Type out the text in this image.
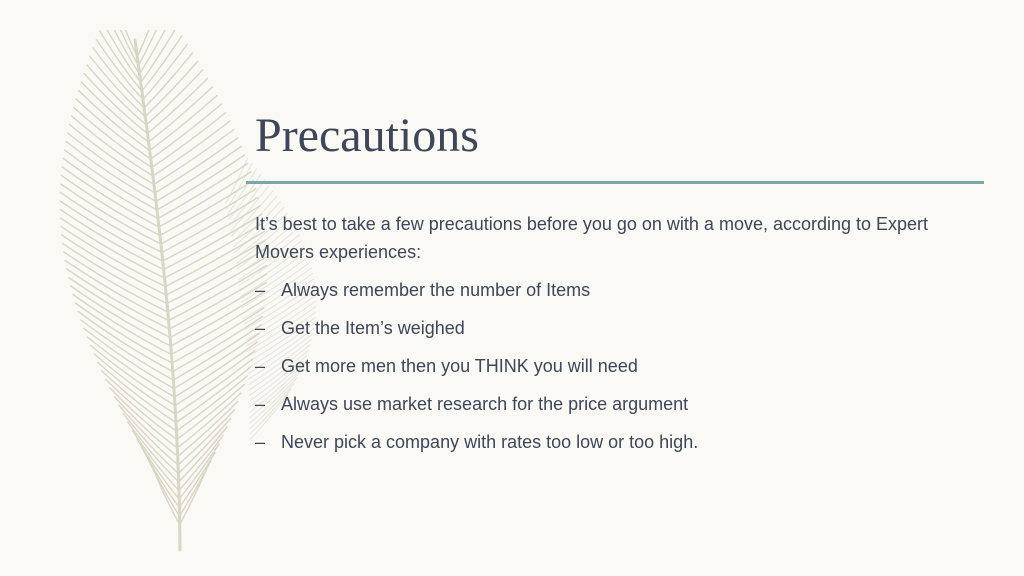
Precautions

It’s best to take a few precautions before you go on with a move, according to Expert Movers experiences:

– Always remember the number of Items
– Get the Item’s weighed
– Get more men then you THINK you will need
– Always use market research for the price argument
– Never pick a company with rates too low or too high.
